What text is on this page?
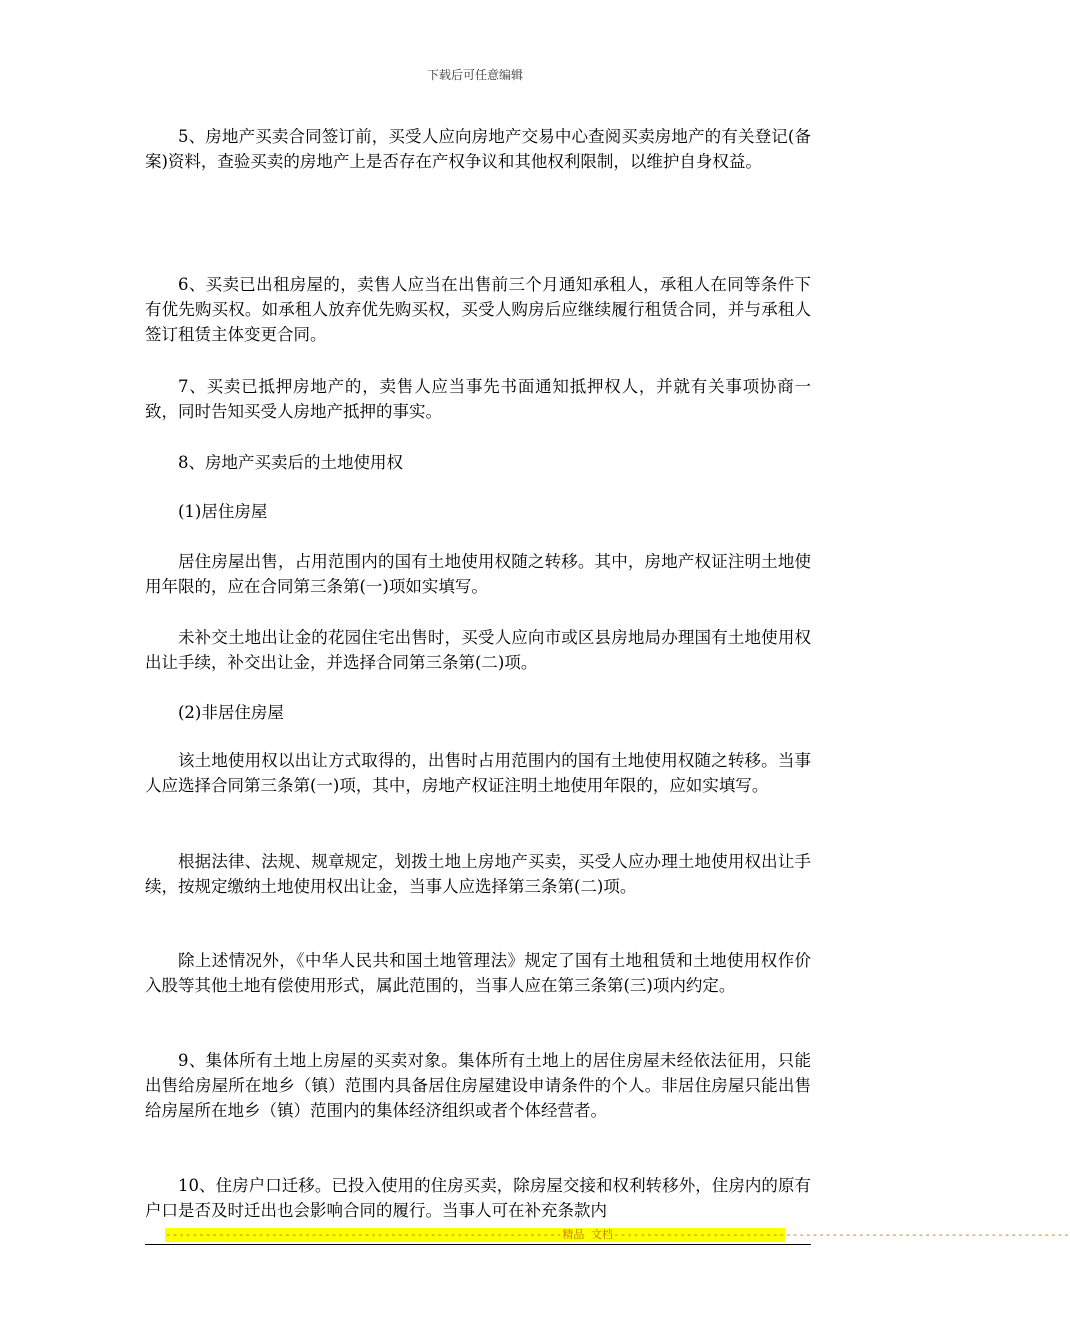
下载后可任意编辑

5、房地产买卖合同签订前，买受人应向房地产交易中心查阅买卖房地产的有关登记(备案)资料，查验买卖的房地产上是否存在产权争议和其他权利限制，以维护自身权益。

6、买卖已出租房屋的，卖售人应当在出售前三个月通知承租人，承租人在同等条件下有优先购买权。如承租人放弃优先购买权，买受人购房后应继续履行租赁合同，并与承租人签订租赁主体变更合同。

7、买卖已抵押房地产的，卖售人应当事先书面通知抵押权人，并就有关事项协商一致，同时告知买受人房地产抵押的事实。

8、房地产买卖后的土地使用权

(1)居住房屋

居住房屋出售，占用范围内的国有土地使用权随之转移。其中，房地产权证注明土地使用年限的，应在合同第三条第(一)项如实填写。

未补交土地出让金的花园住宅出售时，买受人应向市或区县房地局办理国有土地使用权出让手续，补交出让金，并选择合同第三条第(二)项。

(2)非居住房屋

该土地使用权以出让方式取得的，出售时占用范围内的国有土地使用权随之转移。当事人应选择合同第三条第(一)项，其中，房地产权证注明土地使用年限的，应如实填写。

根据法律、法规、规章规定，划拨土地上房地产买卖，买受人应办理土地使用权出让手续，按规定缴纳土地使用权出让金，当事人应选择第三条第(二)项。

除上述情况外，《中华人民共和国土地管理法》规定了国有土地租赁和土地使用权作价入股等其他土地有偿使用形式，属此范围的，当事人应在第三条第(三)项内约定。

9、集体所有土地上房屋的买卖对象。集体所有土地上的居住房屋未经依法征用，只能出售给房屋所在地乡（镇）范围内具备居住房屋建设申请条件的个人。非居住房屋只能出售给房屋所在地乡（镇）范围内的集体经济组织或者个体经营者。

10、住房户口迁移。已投入使用的住房买卖，除房屋交接和权利转移外，住房内的原有户口是否及时迁出也会影响合同的履行。当事人可在补充条款内

------------------------------------------------------------精品 文档---------------------------------------------------------------------
